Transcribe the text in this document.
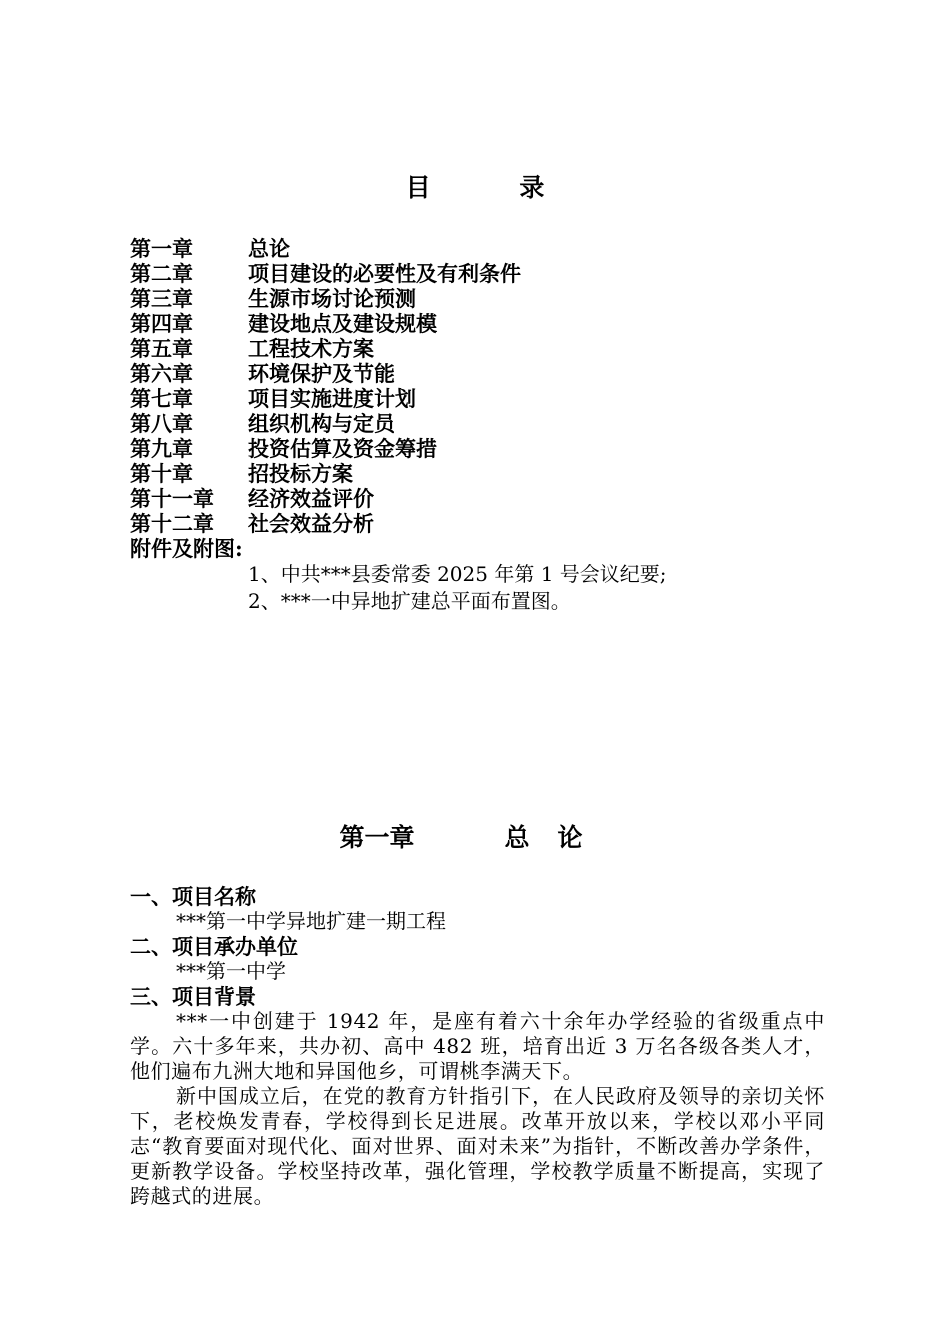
目 录
第一章	总论
第二章	项目建设的必要性及有利条件
第三章	生源市场讨论预测
第四章	建设地点及建设规模
第五章	工程技术方案
第六章	环境保护及节能
第七章	项目实施进度计划
第八章	组织机构与定员
第九章	投资估算及资金筹措
第十章	招投标方案
第十一章 经济效益评价
第十二章 社会效益分析
附件及附图:
1、中共***县委常委 2025 年第 1 号会议纪要;
2、***一中异地扩建总平面布置图。
第一章	总论
一、项目名称
***第一中学异地扩建一期工程
二、项目承办单位
***第一中学
三、项目背景
***一中创建于 1942 年，是座有着六十余年办学经验的省级重点中学。六十多年来，共办初、高中 482 班，培育出近 3 万名各级各类人才，他们遍布九洲大地和异国他乡，可谓桃李满天下。
新中国成立后，在党的教育方针指引下，在人民政府及领导的亲切关怀下，老校焕发青春，学校得到长足进展。改革开放以来，学校以邓小平同志“教育要面对现代化、面对世界、面对未来”为指针，不断改善办学条件，更新教学设备。学校坚持改革，强化管理，学校教学质量不断提高，实现了跨越式的进展。
